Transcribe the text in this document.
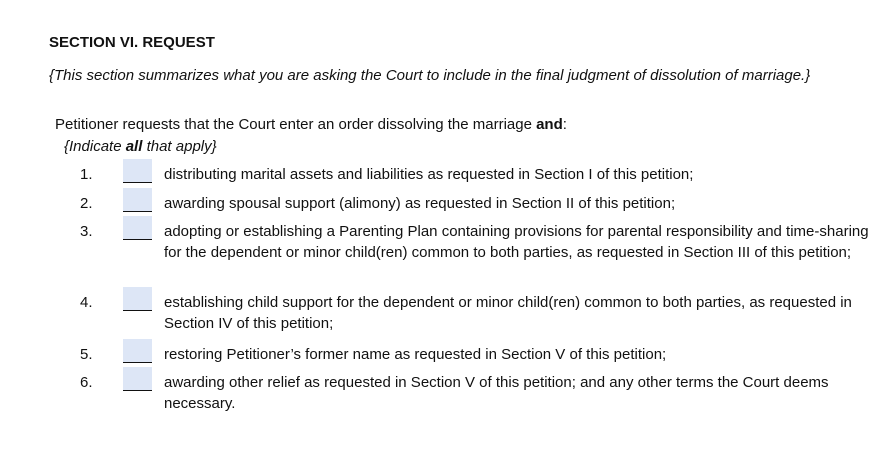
SECTION VI. REQUEST
{This section summarizes what you are asking the Court to include in the final judgment of dissolution of marriage.}
Petitioner requests that the Court enter an order dissolving the marriage and:
{Indicate all that apply}
1.	distributing marital assets and liabilities as requested in Section I of this petition;
2.	awarding spousal support (alimony) as requested in Section II of this petition;
3.	adopting or establishing a Parenting Plan containing provisions for parental responsibility and time-sharing for the dependent or minor child(ren) common to both parties, as requested in Section III of this petition;
4.	establishing child support for the dependent or minor child(ren) common to both parties, as requested in Section IV of this petition;
5.	restoring Petitioner’s former name as requested in Section V of this petition;
6.	awarding other relief as requested in Section V of this petition; and any other terms the Court deems necessary.
